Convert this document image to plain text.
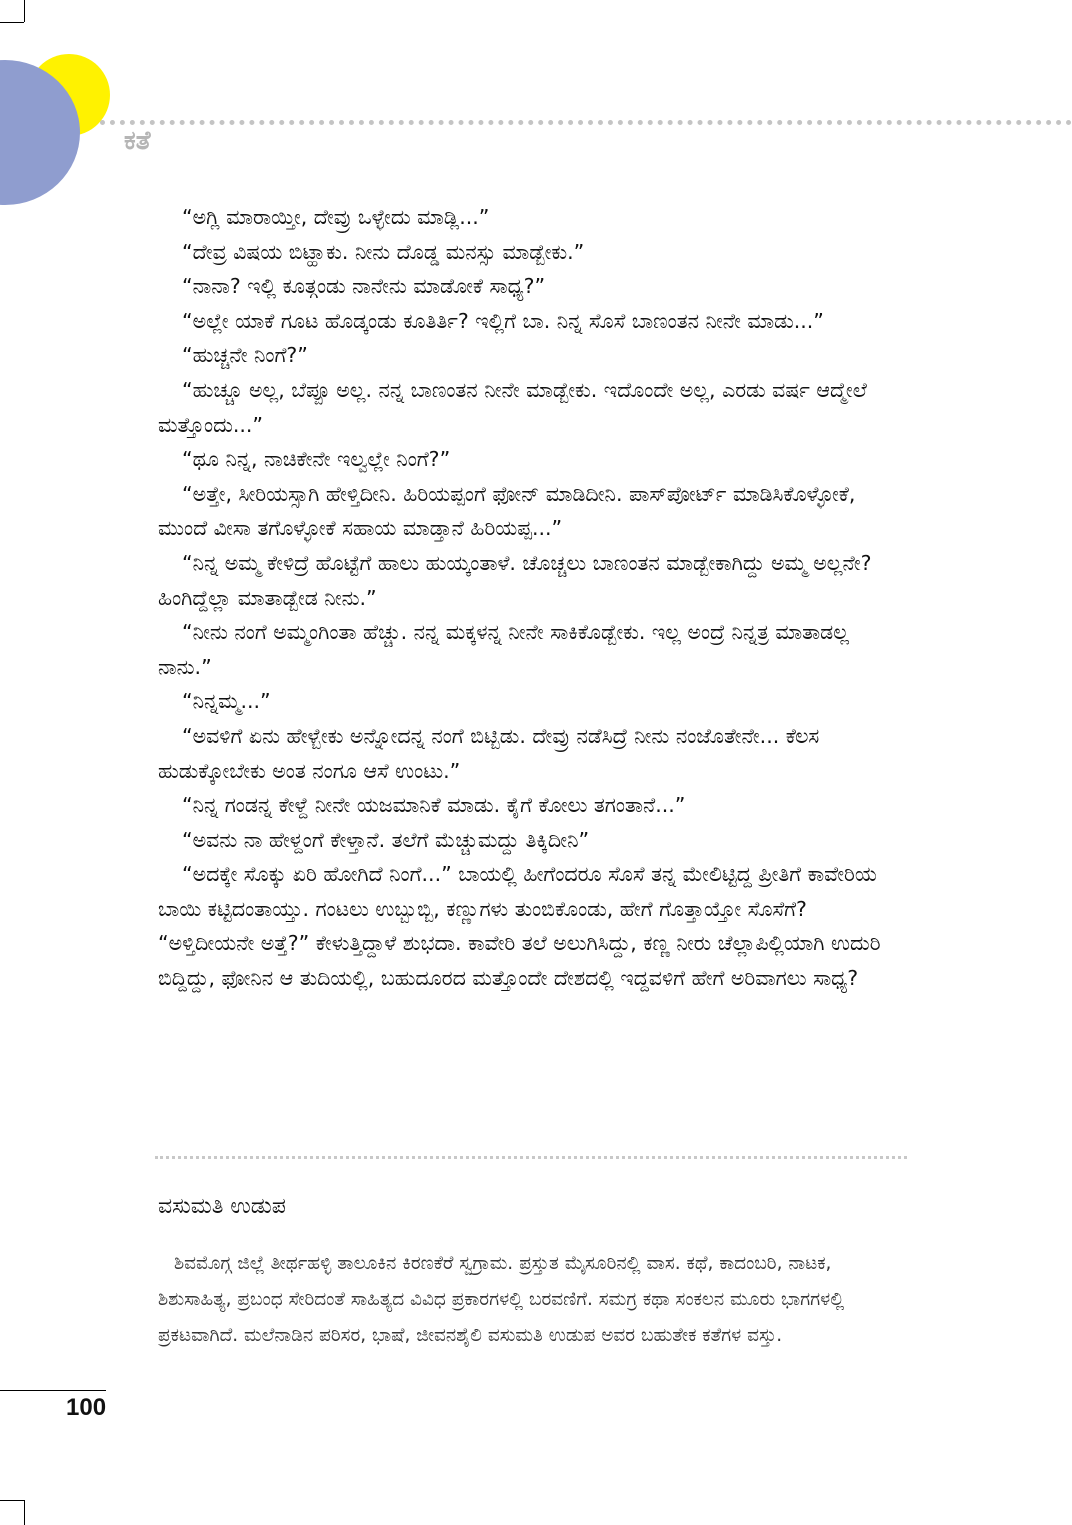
ಕತೆ

“ಅಗ್ಲಿ ಮಾರಾಯ್ತೀ, ದೇವ್ರು ಒಳ್ಳೇದು ಮಾಡ್ಲಿ...”

“ದೇವ್ರ ವಿಷಯ ಬಿಟ್ಹಾಕು. ನೀನು ದೊಡ್ಡ ಮನಸ್ಸು ಮಾಡ್ಬೇಕು.”

“ನಾನಾ? ಇಲ್ಲಿ ಕೂತ್ಗಂಡು ನಾನೇನು ಮಾಡೋಕೆ ಸಾಧ್ಯ?”

“ಅಲ್ಲೇ ಯಾಕೆ ಗೂಟ ಹೊಡ್ಕಂಡು ಕೂತಿರ್ತಿ? ಇಲ್ಲಿಗೆ ಬಾ. ನಿನ್ನ ಸೊಸೆ ಬಾಣಂತನ ನೀನೇ ಮಾಡು...”

“ಹುಚ್ಚನೇ ನಿಂಗೆ?”

“ಹುಚ್ಚೂ ಅಲ್ಲ, ಬೆಪ್ಪೂ ಅಲ್ಲ. ನನ್ನ ಬಾಣಂತನ ನೀನೇ ಮಾಡ್ಬೇಕು. ಇದೊಂದೇ ಅಲ್ಲ, ಎರಡು ವರ್ಷ ಆದ್ಮೇಲೆ ಮತ್ತೊಂದು...”

“ಥೂ ನಿನ್ನ, ನಾಚಿಕೇನೇ ಇಲ್ವಲ್ಲೇ ನಿಂಗೆ?”

“ಅತ್ತೇ, ಸೀರಿಯಸ್ಸಾಗಿ ಹೇಳ್ತಿದೀನಿ. ಹಿರಿಯಪ್ಪಂಗೆ ಫೋನ್ ಮಾಡಿದೀನಿ. ಪಾಸ್‌ಪೋರ್ಟ್ ಮಾಡಿಸಿಕೊಳ್ಳೋಕೆ, ಮುಂದೆ ವೀಸಾ ತಗೊಳ್ಳೋಕೆ ಸಹಾಯ ಮಾಡ್ತಾನೆ ಹಿರಿಯಪ್ಪ...”

“ನಿನ್ನ ಅಮ್ಮ ಕೇಳಿದ್ರೆ ಹೊಟ್ಟೆಗೆ ಹಾಲು ಹುಯ್ಕಂತಾಳೆ. ಚೊಚ್ಚಲು ಬಾಣಂತನ ಮಾಡ್ಬೇಕಾಗಿದ್ದು ಅಮ್ಮ ಅಲ್ಲನೇ? ಹಿಂಗಿದ್ದೆಲ್ಲಾ ಮಾತಾಡ್ಬೇಡ ನೀನು.”

“ನೀನು ನಂಗೆ ಅಮ್ಮಂಗಿಂತಾ ಹೆಚ್ಚು. ನನ್ನ ಮಕ್ಕಳನ್ನ ನೀನೇ ಸಾಕಿಕೊಡ್ಬೇಕು. ಇಲ್ಲ ಅಂದ್ರೆ ನಿನ್ನತ್ರ ಮಾತಾಡಲ್ಲ ನಾನು.”

“ನಿನ್ನಮ್ಮ...”

“ಅವಳಿಗೆ ಏನು ಹೇಳ್ಬೇಕು ಅನ್ನೋದನ್ನ ನಂಗೆ ಬಿಟ್ಬಿಡು. ದೇವ್ರು ನಡೆಸಿದ್ರೆ ನೀನು ನಂಜೊತೇನೇ... ಕೆಲಸ ಹುಡುಕ್ಕೋಬೇಕು ಅಂತ ನಂಗೂ ಆಸೆ ಉಂಟು.”

“ನಿನ್ನ ಗಂಡನ್ನ ಕೇಳ್ದೆ ನೀನೇ ಯಜಮಾನಿಕೆ ಮಾಡು. ಕೈಗೆ ಕೋಲು ತಗಂತಾನೆ...”

“ಅವನು ನಾ ಹೇಳ್ದಂಗೆ ಕೇಳ್ತಾನೆ. ತಲೆಗೆ ಮೆಚ್ಚುಮದ್ದು ತಿಕ್ಕಿದೀನಿ”

“ಅದಕ್ಕೇ ಸೊಕ್ಕು ಏರಿ ಹೋಗಿದೆ ನಿಂಗೆ...” ಬಾಯಲ್ಲಿ ಹೀಗೆಂದರೂ ಸೊಸೆ ತನ್ನ ಮೇಲಿಟ್ಟಿದ್ದ ಪ್ರೀತಿಗೆ ಕಾವೇರಿಯ ಬಾಯಿ ಕಟ್ಟಿದಂತಾಯ್ತು. ಗಂಟಲು ಉಬ್ಬುಬ್ಬಿ, ಕಣ್ಣುಗಳು ತುಂಬಿಕೊಂಡು, ಹೇಗೆ ಗೊತ್ತಾಯ್ತೋ ಸೊಸೆಗೆ? “ಅಳ್ತಿದೀಯನೇ ಅತ್ತೆ?” ಕೇಳುತ್ತಿದ್ದಾಳೆ ಶುಭದಾ. ಕಾವೇರಿ ತಲೆ ಅಲುಗಿಸಿದ್ದು, ಕಣ್ಣ ನೀರು ಚೆಲ್ಲಾಪಿಲ್ಲಿಯಾಗಿ ಉದುರಿ ಬಿದ್ದಿದ್ದು, ಫೋನಿನ ಆ ತುದಿಯಲ್ಲಿ, ಬಹುದೂರದ ಮತ್ತೊಂದೇ ದೇಶದಲ್ಲಿ ಇದ್ದವಳಿಗೆ ಹೇಗೆ ಅರಿವಾಗಲು ಸಾಧ್ಯ?

ವಸುಮತಿ ಉಡುಪ
ಶಿವಮೊಗ್ಗ ಜಿಲ್ಲೆ ತೀರ್ಥಹಳ್ಳಿ ತಾಲೂಕಿನ ಕಿರಣಕೆರೆ ಸ್ವಗ್ರಾಮ. ಪ್ರಸ್ತುತ ಮೈಸೂರಿನಲ್ಲಿ ವಾಸ. ಕಥೆ, ಕಾದಂಬರಿ, ನಾಟಕ, ಶಿಶುಸಾಹಿತ್ಯ, ಪ್ರಬಂಧ ಸೇರಿದಂತೆ ಸಾಹಿತ್ಯದ ವಿವಿಧ ಪ್ರಕಾರಗಳಲ್ಲಿ ಬರವಣಿಗೆ. ಸಮಗ್ರ ಕಥಾ ಸಂಕಲನ ಮೂರು ಭಾಗಗಳಲ್ಲಿ ಪ್ರಕಟವಾಗಿದೆ. ಮಲೆನಾಡಿನ ಪರಿಸರ, ಭಾಷೆ, ಜೀವನಶೈಲಿ ವಸುಮತಿ ಉಡುಪ ಅವರ ಬಹುತೇಕ ಕತೆಗಳ ವಸ್ತು.
100
